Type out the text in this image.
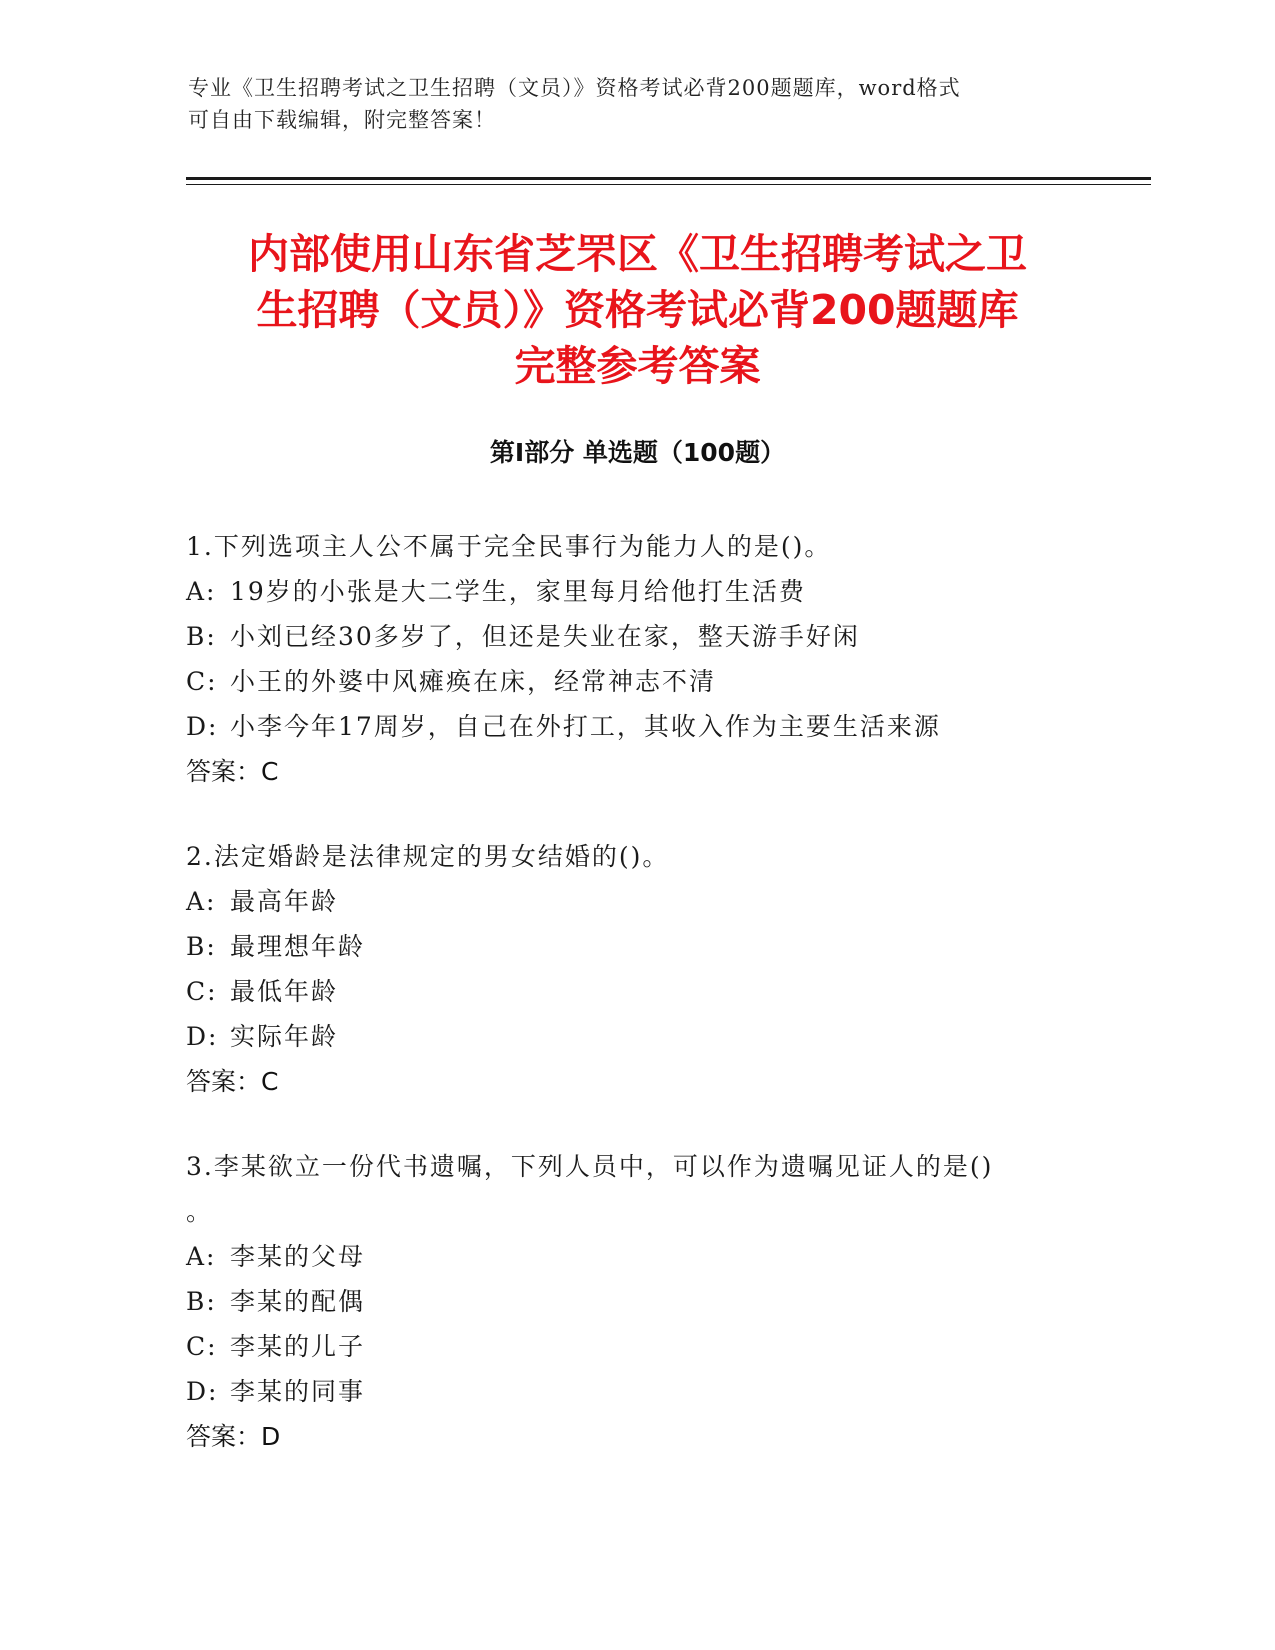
专业《卫生招聘考试之卫生招聘（文员）》资格考试必背200题题库，word格式
可自由下载编辑，附完整答案！
内部使用山东省芝罘区《卫生招聘考试之卫
生招聘（文员）》资格考试必背200题题库
完整参考答案
第Ⅰ部分 单选题（100题）

1.下列选项主人公不属于完全民事行为能力人的是()。

A: 19岁的小张是大二学生，家里每月给他打生活费

B: 小刘已经30多岁了，但还是失业在家，整天游手好闲

C: 小王的外婆中风瘫痪在床，经常神志不清

D: 小李今年17周岁，自己在外打工，其收入作为主要生活来源

答案：C

2.法定婚龄是法律规定的男女结婚的()。

A: 最高年龄

B: 最理想年龄

C: 最低年龄

D: 实际年龄

答案：C

3.李某欲立一份代书遗嘱，下列人员中，可以作为遗嘱见证人的是()

。

A: 李某的父母

B: 李某的配偶

C: 李某的儿子

D: 李某的同事

答案：D
